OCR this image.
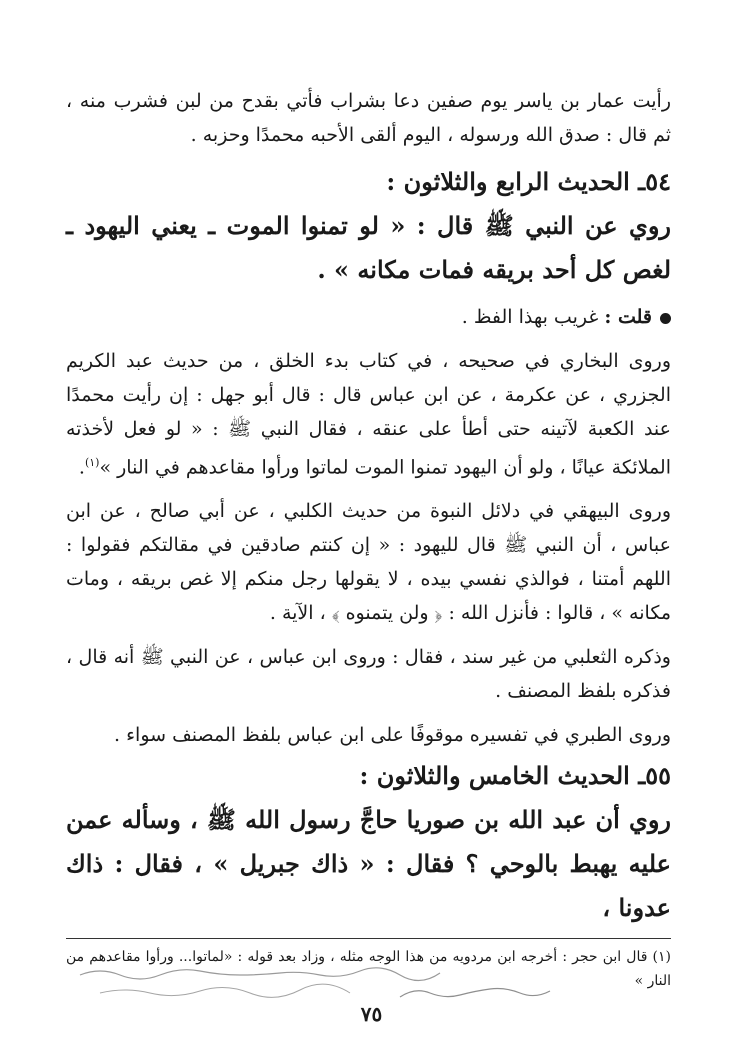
رأيت عمار بن ياسر يوم صفين دعا بشراب فأتي بقدح من لبن فشرب منه ، ثم قال : صدق الله ورسوله ، اليوم ألقى الأحبه محمدًا وحزبه .

٥٤ـ الحديث الرابع والثلاثون :

روي عن النبي ﷺ قال : « لو تمنوا الموت ـ يعني اليهود ـ لغص كل أحد بريقه فمات مكانه » .

قلت : غريب بهذا الفظ .

وروى البخاري في صحيحه ، في كتاب بدء الخلق ، من حديث عبد الكريم الجزري ، عن عكرمة ، عن ابن عباس قال : قال أبو جهل : إن رأيت محمدًا عند الكعبة لآتينه حتى أطأ على عنقه ، فقال النبي ﷺ : « لو فعل لأخذته الملائكة عيانًا ، ولو أن اليهود تمنوا الموت لماتوا ورأوا مقاعدهم في النار »$^{(١)}$.

وروى البيهقي في دلائل النبوة من حديث الكلبي ، عن أبي صالح ، عن ابن عباس ، أن النبي ﷺ قال لليهود : « إن كنتم صادقين في مقالتكم فقولوا : اللهم أمتنا ، فوالذي نفسي بيده ، لا يقولها رجل منكم إلا غص بريقه ، ومات مكانه » ، قالوا : فأنزل الله : ﴿ ولن يتمنوه ﴾ ، الآية .

وذكره الثعلبي من غير سند ، فقال : وروى ابن عباس ، عن النبي ﷺ أنه قال ، فذكره بلفظ المصنف .

وروى الطبري في تفسيره موقوفًا على ابن عباس بلفظ المصنف سواء .

٥٥ـ الحديث الخامس والثلاثون :

روي أن عبد الله بن صوريا حاجَّ رسول الله ﷺ ، وسأله عمن عليه يهبط بالوحي ؟ فقال : « ذاك جبريل » ، فقال : ذاك عدونا ،

(١) قال ابن حجر : أخرجه ابن مردويه من هذا الوجه مثله ، وزاد بعد قوله : «لماتوا... ورأوا مقاعدهم من النار »

٧٥
